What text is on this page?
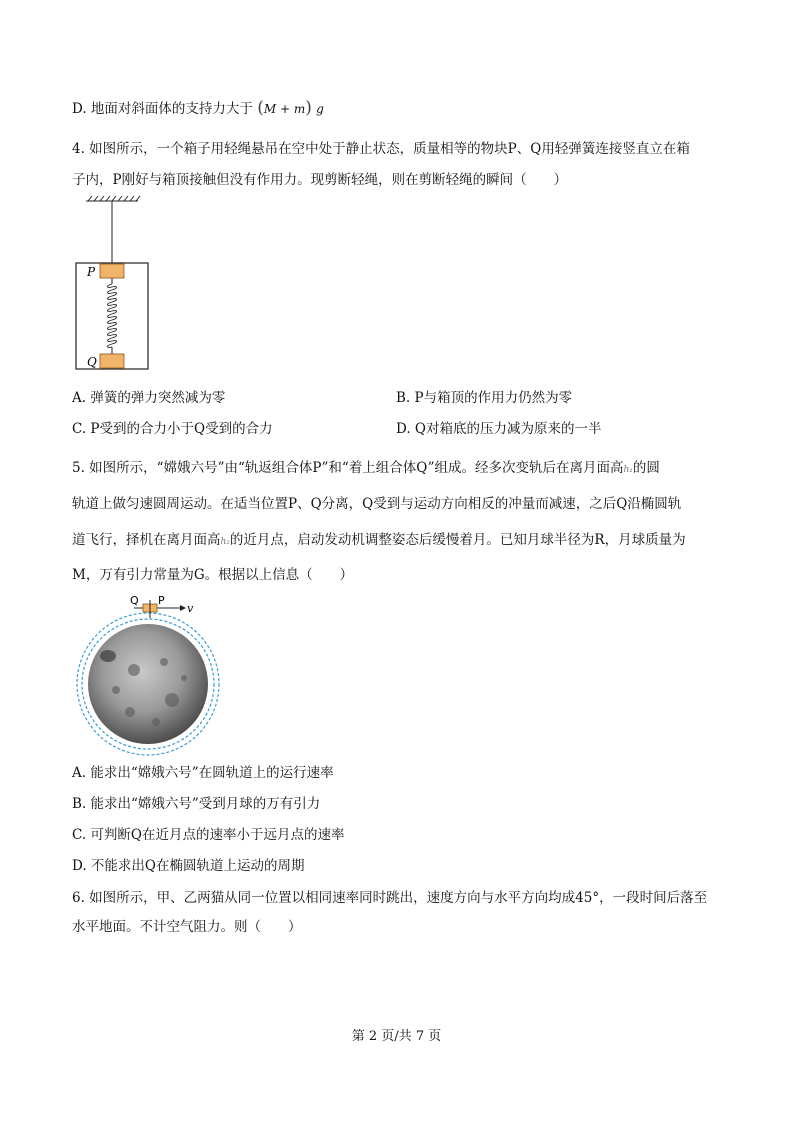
D. 地面对斜面体的支持力大于 (M + m) g
4. 如图所示，一个箱子用轻绳悬吊在空中处于静止状态，质量相等的物块P、Q用轻弹簧连接竖直立在箱
子内，P刚好与箱顶接触但没有作用力。现剪断轻绳，则在剪断轻绳的瞬间（　　）
P
Q
A. 弹簧的弹力突然减为零	B. P与箱顶的作用力仍然为零
C. P受到的合力小于Q受到的合力	D. Q对箱底的压力减为原来的一半
5. 如图所示，“嫦娥六号”由“轨返组合体P”和“着上组合体Q”组成。经多次变轨后在离月面高h₁的圆
轨道上做匀速圆周运动。在适当位置P、Q分离，Q受到与运动方向相反的冲量而减速，之后Q沿椭圆轨
道飞行，择机在离月面高h₂的近月点，启动发动机调整姿态后缓慢着月。已知月球半径为R，月球质量为
M，万有引力常量为G。根据以上信息（　　）
Q P
v
A. 能求出“嫦娥六号”在圆轨道上的运行速率
B. 能求出“嫦娥六号”受到月球的万有引力
C. 可判断Q在近月点的速率小于远月点的速率
D. 不能求出Q在椭圆轨道上运动的周期
6. 如图所示，甲、乙两猫从同一位置以相同速率同时跳出，速度方向与水平方向均成45°，一段时间后落至
水平地面。不计空气阻力。则（　　）
第 2 页/共 7 页
